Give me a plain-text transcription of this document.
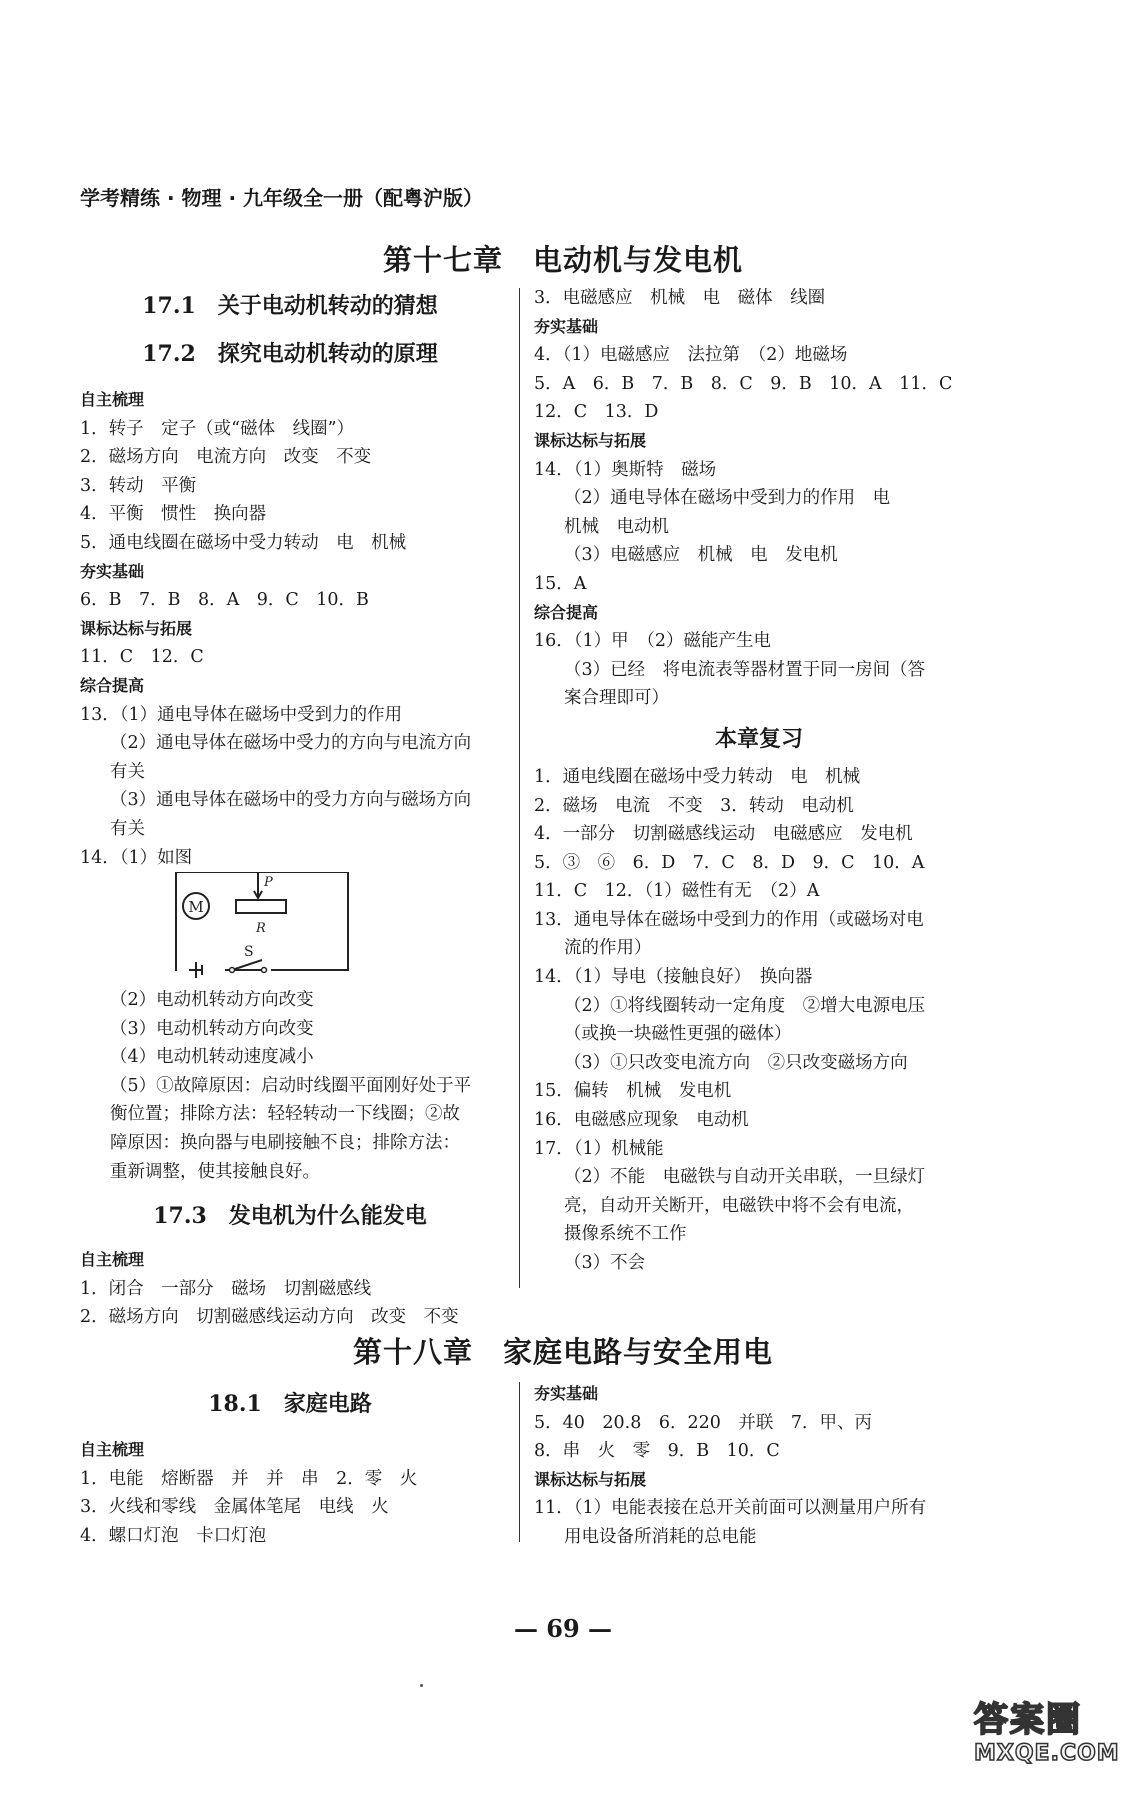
学考精练 · 物理 · 九年级全一册（配粤沪版）
第十七章　电动机与发电机
17.1　关于电动机转动的猜想
17.2　探究电动机转动的原理
自主梳理
1．转子　定子（或“磁体　线圈”）
2．磁场方向　电流方向　改变　不变
3．转动　平衡
4．平衡　惯性　换向器
5．通电线圈在磁场中受力转动　电　机械
夯实基础
6．B　7．B　8．A　9．C　10．B
课标达标与拓展
11．C　12．C
综合提高
13．（1）通电导体在磁场中受到力的作用
（2）通电导体在磁场中受力的方向与电流方向
有关
（3）通电导体在磁场中的受力方向与磁场方向
有关
14．（1）如图
M
P
R
S
（2）电动机转动方向改变
（3）电动机转动方向改变
（4）电动机转动速度减小
（5）①故障原因：启动时线圈平面刚好处于平
衡位置；排除方法：轻轻转动一下线圈；②故
障原因：换向器与电刷接触不良；排除方法：
重新调整，使其接触良好。
17.3　发电机为什么能发电
自主梳理
1．闭合　一部分　磁场　切割磁感线
2．磁场方向　切割磁感线运动方向　改变　不变
3．电磁感应　机械　电　磁体　线圈
夯实基础
4．（1）电磁感应　法拉第　（2）地磁场
5．A　6．B　7．B　8．C　9．B　10．A　11．C
12．C　13．D
课标达标与拓展
14．（1）奥斯特　磁场
（2）通电导体在磁场中受到力的作用　电
机械　电动机
（3）电磁感应　机械　电　发电机
15．A
综合提高
16．（1）甲　（2）磁能产生电
（3）已经　将电流表等器材置于同一房间（答
案合理即可）
本章复习
1．通电线圈在磁场中受力转动　电　机械
2．磁场　电流　不变　3．转动　电动机
4．一部分　切割磁感线运动　电磁感应　发电机
5．③　⑥　6．D　7．C　8．D　9．C　10．A
11．C　12．（1）磁性有无　（2）A
13．通电导体在磁场中受到力的作用（或磁场对电
流的作用）
14．（1）导电（接触良好）　换向器
（2）①将线圈转动一定角度　②增大电源电压
（或换一块磁性更强的磁体）
（3）①只改变电流方向　②只改变磁场方向
15．偏转　机械　发电机
16．电磁感应现象　电动机
17．（1）机械能
（2）不能　电磁铁与自动开关串联，一旦绿灯
亮，自动开关断开，电磁铁中将不会有电流，
摄像系统不工作
（3）不会
第十八章　家庭电路与安全用电
18.1　家庭电路
自主梳理
1．电能　熔断器　并　并　串　2．零　火
3．火线和零线　金属体笔尾　电线　火
4．螺口灯泡　卡口灯泡
夯实基础
5．40　20.8　6．220　并联　7．甲、丙
8．串　火　零　9．B　10．C
课标达标与拓展
11．（1）电能表接在总开关前面可以测量用户所有
用电设备所消耗的总电能
— 69 —
答案圈
MXQE.COM
